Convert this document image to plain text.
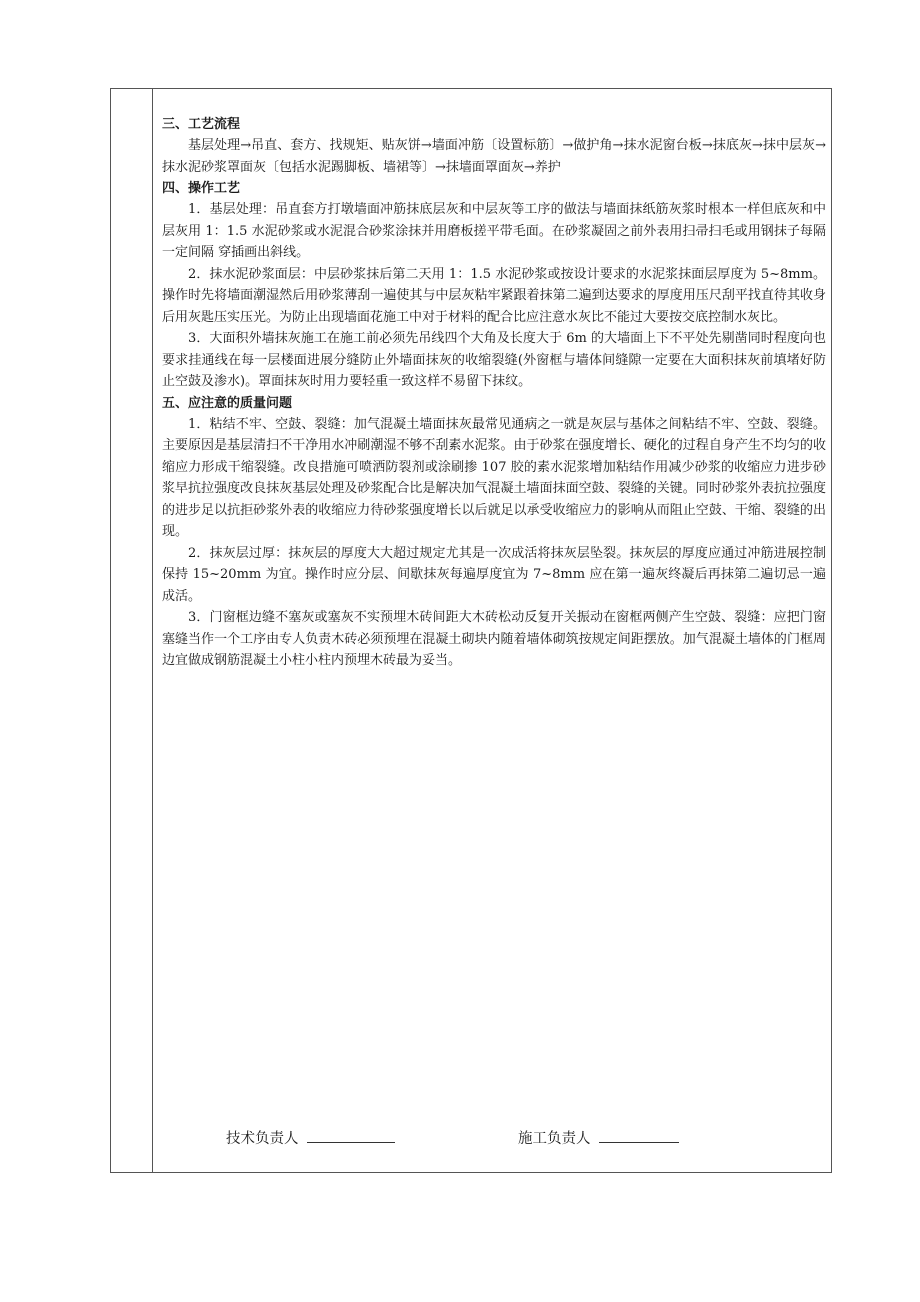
三、工艺流程

基层处理→吊直、套方、找规矩、贴灰饼→墙面冲筋〔设置标筋〕→做护角→抹水泥窗台板→抹底灰→抹中层灰→抹水泥砂浆罩面灰〔包括水泥踢脚板、墙裙等〕→抹墙面罩面灰→养护

四、操作工艺

1．基层处理：吊直套方打墩墙面冲筋抹底层灰和中层灰等工序的做法与墙面抹纸筋灰浆时根本一样但底灰和中层灰用 1：1.5 水泥砂浆或水泥混合砂浆涂抹并用磨板搓平带毛面。在砂浆凝固之前外表用扫帚扫毛或用钢抹子每隔一定间隔 穿插画出斜线。

2．抹水泥砂浆面层：中层砂浆抹后第二天用 1：1.5 水泥砂浆或按设计要求的水泥浆抹面层厚度为 5~8mm。操作时先将墙面潮湿然后用砂浆薄刮一遍使其与中层灰粘牢紧跟着抹第二遍到达要求的厚度用压尺刮平找直待其收身后用灰匙压实压光。为防止出现墙面花施工中对于材料的配合比应注意水灰比不能过大要按交底控制水灰比。

3．大面积外墙抹灰施工在施工前必须先吊线四个大角及长度大于 6m 的大墙面上下不平处先剔凿同时程度向也要求挂通线在每一层楼面进展分缝防止外墙面抹灰的收缩裂缝(外窗框与墙体间缝隙一定要在大面积抹灰前填堵好防止空鼓及渗水)。罩面抹灰时用力要轻重一致这样不易留下抹纹。

五、应注意的质量问题

1．粘结不牢、空鼓、裂缝：加气混凝土墙面抹灰最常见通病之一就是灰层与基体之间粘结不牢、空鼓、裂缝。主要原因是基层清扫不干净用水冲刷潮湿不够不刮素水泥浆。由于砂浆在强度增长、硬化的过程自身产生不均匀的收缩应力形成干缩裂缝。改良措施可喷洒防裂剂或涂刷掺 107 胶的素水泥浆增加粘结作用减少砂浆的收缩应力进步砂浆早抗拉强度改良抹灰基层处理及砂浆配合比是解决加气混凝土墙面抹面空鼓、裂缝的关键。同时砂浆外表抗拉强度的进步足以抗拒砂浆外表的收缩应力待砂浆强度增长以后就足以承受收缩应力的影响从而阻止空鼓、干缩、裂缝的出现。

2．抹灰层过厚：抹灰层的厚度大大超过规定尤其是一次成活将抹灰层坠裂。抹灰层的厚度应通过冲筋进展控制保持 15~20mm 为宜。操作时应分层、间歇抹灰每遍厚度宜为 7~8mm 应在第一遍灰终凝后再抹第二遍切忌一遍成活。

3．门窗框边缝不塞灰或塞灰不实预埋木砖间距大木砖松动反复开关振动在窗框两侧产生空鼓、裂缝：应把门窗塞缝当作一个工序由专人负责木砖必须预埋在混凝土砌块内随着墙体砌筑按规定间距摆放。加气混凝土墙体的门框周边宜做成钢筋混凝土小柱小柱内预埋木砖最为妥当。

技术负责人	施工负责人
